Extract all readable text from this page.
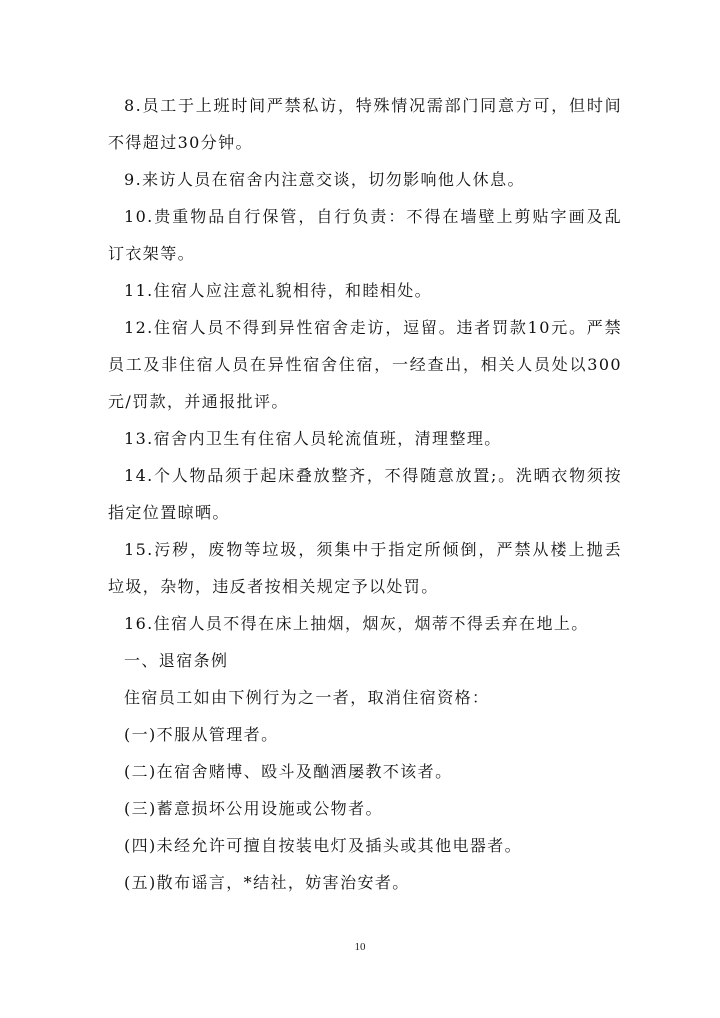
8.员工于上班时间严禁私访，特殊情况需部门同意方可，但时间不得超过30分钟。

9.来访人员在宿舍内注意交谈，切勿影响他人休息。

10.贵重物品自行保管，自行负责：不得在墙壁上剪贴字画及乱订衣架等。

11.住宿人应注意礼貌相待，和睦相处。

12.住宿人员不得到异性宿舍走访，逗留。违者罚款10元。严禁员工及非住宿人员在异性宿舍住宿，一经查出，相关人员处以300元/罚款，并通报批评。

13.宿舍内卫生有住宿人员轮流值班，清理整理。

14.个人物品须于起床叠放整齐，不得随意放置;。洗晒衣物须按指定位置晾晒。

15.污秽，废物等垃圾，须集中于指定所倾倒，严禁从楼上抛丢垃圾，杂物，违反者按相关规定予以处罚。

16.住宿人员不得在床上抽烟，烟灰，烟蒂不得丢弃在地上。

一、退宿条例

住宿员工如由下例行为之一者，取消住宿资格：

(一)不服从管理者。

(二)在宿舍赌博、殴斗及酗酒屡教不该者。

(三)蓄意损坏公用设施或公物者。

(四)未经允许可擅自按装电灯及插头或其他电器者。

(五)散布谣言，*结社，妨害治安者。

10
